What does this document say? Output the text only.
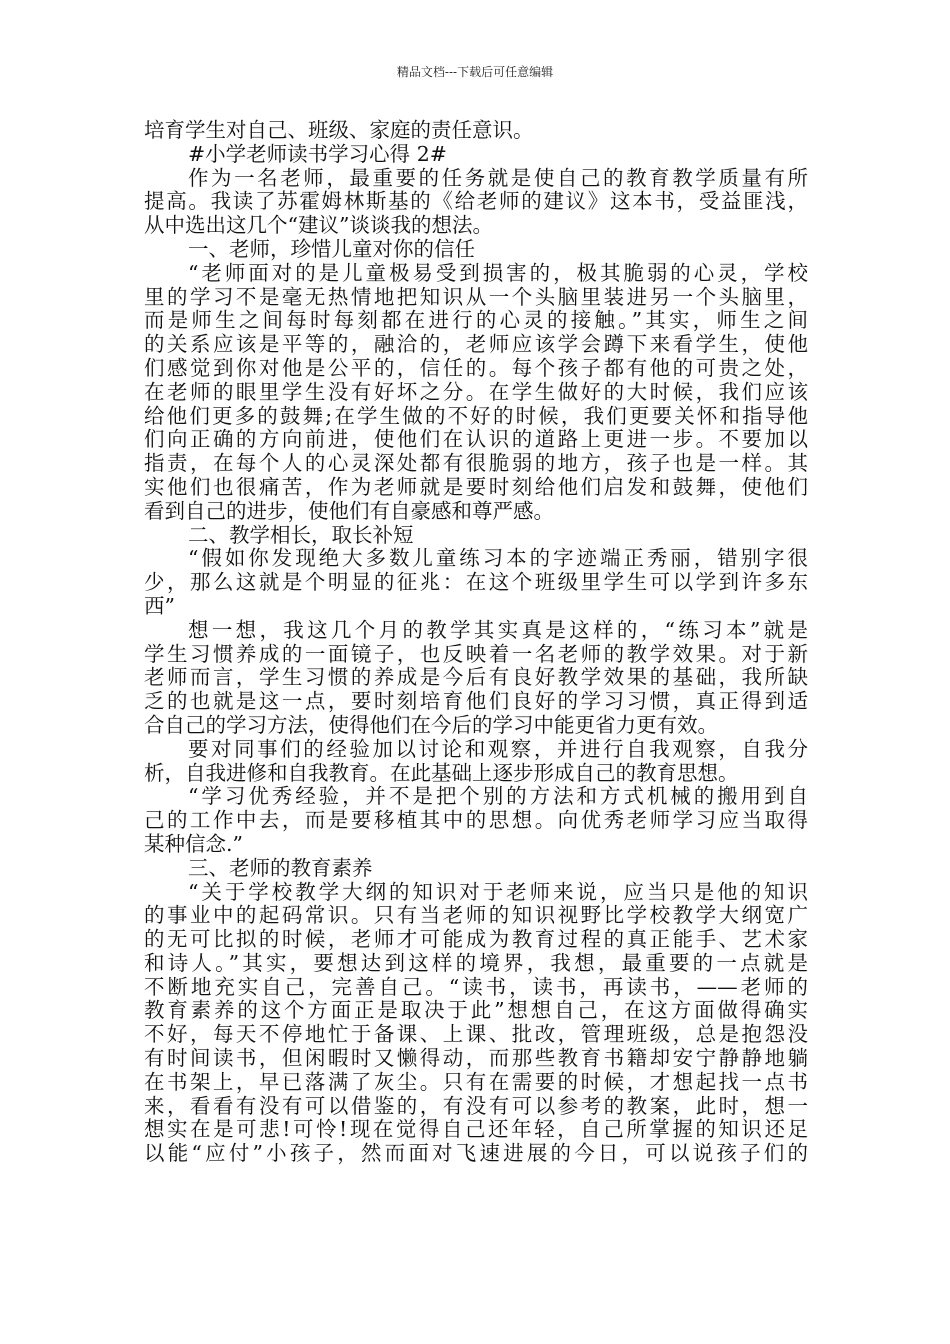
精品文档---下载后可任意编辑
培育学生对自己、班级、家庭的责任意识。
#小学老师读书学习心得 2#
作为一名老师，最重要的任务就是使自己的教育教学质量有所
提高。我读了苏霍姆林斯基的《给老师的建议》这本书，受益匪浅，
从中选出这几个“建议”谈谈我的想法。
一、老师，珍惜儿童对你的信任
“老师面对的是儿童极易受到损害的，极其脆弱的心灵，学校
里的学习不是毫无热情地把知识从一个头脑里装进另一个头脑里，
而是师生之间每时每刻都在进行的心灵的接触。”其实，师生之间
的关系应该是平等的，融洽的，老师应该学会蹲下来看学生，使他
们感觉到你对他是公平的，信任的。每个孩子都有他的可贵之处，
在老师的眼里学生没有好坏之分。在学生做好的大时候，我们应该
给他们更多的鼓舞;在学生做的不好的时候，我们更要关怀和指导他
们向正确的方向前进，使他们在认识的道路上更进一步。不要加以
指责，在每个人的心灵深处都有很脆弱的地方，孩子也是一样。其
实他们也很痛苦，作为老师就是要时刻给他们启发和鼓舞，使他们
看到自己的进步，使他们有自豪感和尊严感。
二、教学相长，取长补短
“假如你发现绝大多数儿童练习本的字迹端正秀丽，错别字很
少，那么这就是个明显的征兆：在这个班级里学生可以学到许多东
西”
想一想，我这几个月的教学其实真是这样的，“练习本”就是
学生习惯养成的一面镜子，也反映着一名老师的教学效果。对于新
老师而言，学生习惯的养成是今后有良好教学效果的基础，我所缺
乏的也就是这一点，要时刻培育他们良好的学习习惯，真正得到适
合自己的学习方法，使得他们在今后的学习中能更省力更有效。
要对同事们的经验加以讨论和观察，并进行自我观察，自我分
析，自我进修和自我教育。在此基础上逐步形成自己的教育思想。
“学习优秀经验，并不是把个别的方法和方式机械的搬用到自
己的工作中去，而是要移植其中的思想。向优秀老师学习应当取得
某种信念.”
三、老师的教育素养
“关于学校教学大纲的知识对于老师来说，应当只是他的知识
的事业中的起码常识。只有当老师的知识视野比学校教学大纲宽广
的无可比拟的时候，老师才可能成为教育过程的真正能手、艺术家
和诗人。”其实，要想达到这样的境界，我想，最重要的一点就是
不断地充实自己，完善自己。“读书，读书，再读书，——老师的
教育素养的这个方面正是取决于此”想想自己，在这方面做得确实
不好，每天不停地忙于备课、上课、批改，管理班级，总是抱怨没
有时间读书，但闲暇时又懒得动，而那些教育书籍却安宁静静地躺
在书架上，早已落满了灰尘。只有在需要的时候，才想起找一点书
来，看看有没有可以借鉴的，有没有可以参考的教案，此时，想一
想实在是可悲!可怜!现在觉得自己还年轻，自己所掌握的知识还足
以能“应付”小孩子，然而面对飞速进展的今日，可以说孩子们的
